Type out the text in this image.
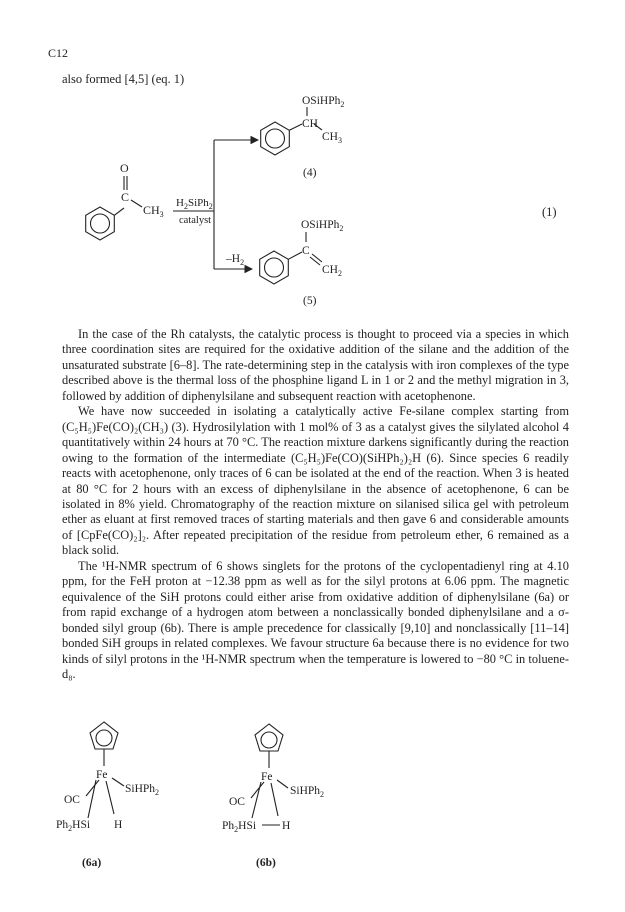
C12
also formed [4,5] (eq. 1)
O
C
$CH_3$
$H_2SiPh_2$
catalyst
(1)
OSiHPh$_2$
CH
$CH_3$
(4)
$-H_2$
OSiHPh$_2$
C
$CH_2$
(5)
Fe
OC
SiHPh$_2$
$Ph_2HSi$ H
(6a)
Fe
OC
SiHPh$_2$
$Ph_2HSi$ H
(6b)

In the case of the Rh catalysts, the catalytic process is thought to proceed via a species in which three coordination sites are required for the oxidative addition of the silane and the addition of the unsaturated substrate [6–8]. The rate-determining step in the catalysis with iron complexes of the type described above is the thermal loss of the phosphine ligand L in 1 or 2 and the methyl migration in 3, followed by addition of diphenylsilane and subsequent reaction with acetophenone.

We have now succeeded in isolating a catalytically active Fe-silane complex starting from (C₅H₅)Fe(CO)₂(CH₃) (3). Hydrosilylation with 1 mol% of 3 as a catalyst gives the silylated alcohol 4 quantitatively within 24 hours at 70 °C. The reaction mixture darkens significantly during the reaction owing to the formation of the intermediate (C₅H₅)Fe(CO)(SiHPh₂)₂H (6). Since species 6 readily reacts with acetophenone, only traces of 6 can be isolated at the end of the reaction. When 3 is heated at 80 °C for 2 hours with an excess of diphenylsilane in the absence of acetophenone, 6 can be isolated in 8% yield. Chromatography of the reaction mixture on silanised silica gel with petroleum ether as eluant at first removed traces of starting materials and then gave 6 and considerable amounts of [CpFe(CO)₂]₂. After repeated precipitation of the residue from petroleum ether, 6 remained as a black solid.

The ¹H-NMR spectrum of 6 shows singlets for the protons of the cyclopentadienyl ring at 4.10 ppm, for the FeH proton at −12.38 ppm as well as for the silyl protons at 6.06 ppm. The magnetic equivalence of the SiH protons could either arise from oxidative addition of diphenylsilane (6a) or from rapid exchange of a hydrogen atom between a nonclassically bonded diphenylsilane and a σ-bonded silyl group (6b). There is ample precedence for classically [9,10] and nonclassically [11–14] bonded SiH groups in related complexes. We favour structure 6a because there is no evidence for two kinds of silyl protons in the ¹H-NMR spectrum when the temperature is lowered to −80 °C in toluene-d₈.
